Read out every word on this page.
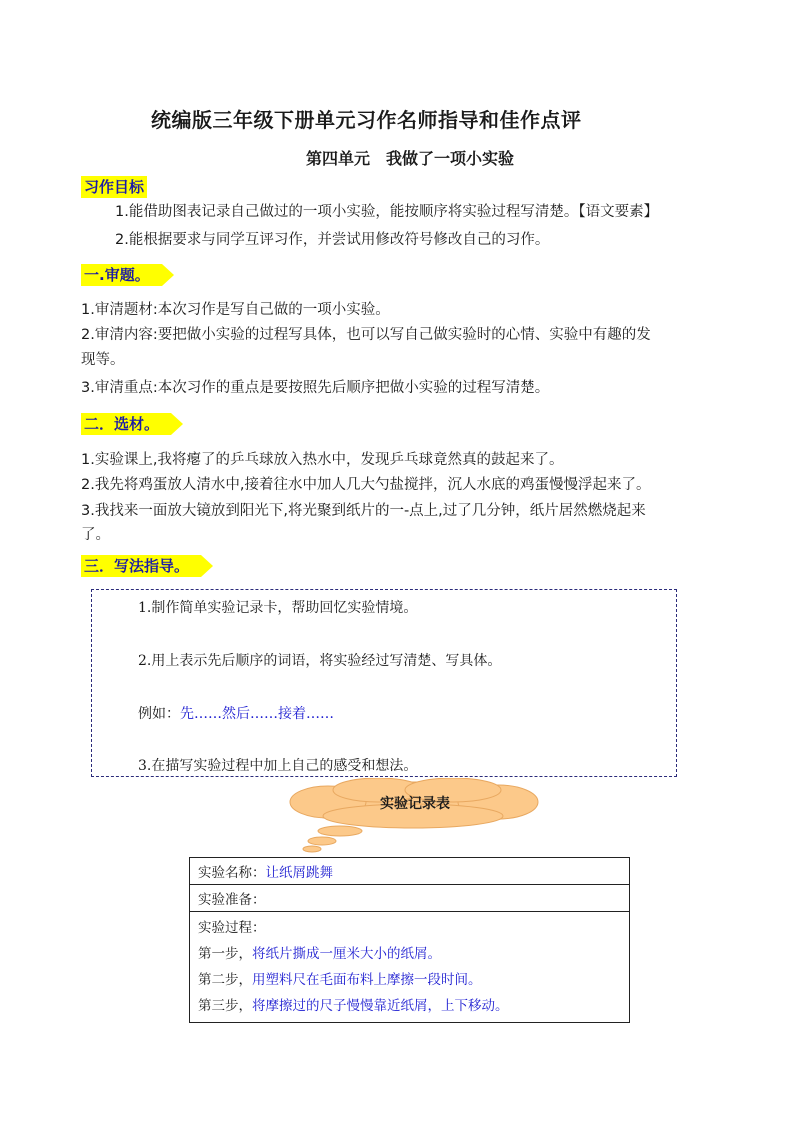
统编版三年级下册单元习作名师指导和佳作点评
第四单元　我做了一项小实验
习作目标
1.能借助图表记录自己做过的一项小实验，能按顺序将实验过程写清楚。【语文要素】
2.能根据要求与同学互评习作，并尝试用修改符号修改自己的习作。
一.审题。
1.审清题材:本次习作是写自己做的一项小实验。
2.审清内容:要把做小实验的过程写具体，也可以写自己做实验时的心情、实验中有趣的发
现等。
3.审清重点:本次习作的重点是要按照先后顺序把做小实验的过程写清楚。
二．选材。
1.实验课上,我将瘪了的乒乓球放入热水中，发现乒乓球竟然真的鼓起来了。
2.我先将鸡蛋放人清水中,接着往水中加人几大勺盐搅拌，沉人水底的鸡蛋慢慢浮起来了。
3.我找来一面放大镜放到阳光下,将光聚到纸片的一-点上,过了几分钟，纸片居然燃烧起来
了。
三．写法指导。
1.制作简单实验记录卡，帮助回忆实验情境。
2.用上表示先后顺序的词语，将实验经过写清楚、写具体。
例如：先……然后……接着……
3.在描写实验过程中加上自己的感受和想法。
实验记录表
实验名称：让纸屑跳舞
实验准备：

实验过程：
第一步，将纸片撕成一厘米大小的纸屑。
第二步，用塑料尺在毛面布料上摩擦一段时间。
第三步，将摩擦过的尺子慢慢靠近纸屑，上下移动。
